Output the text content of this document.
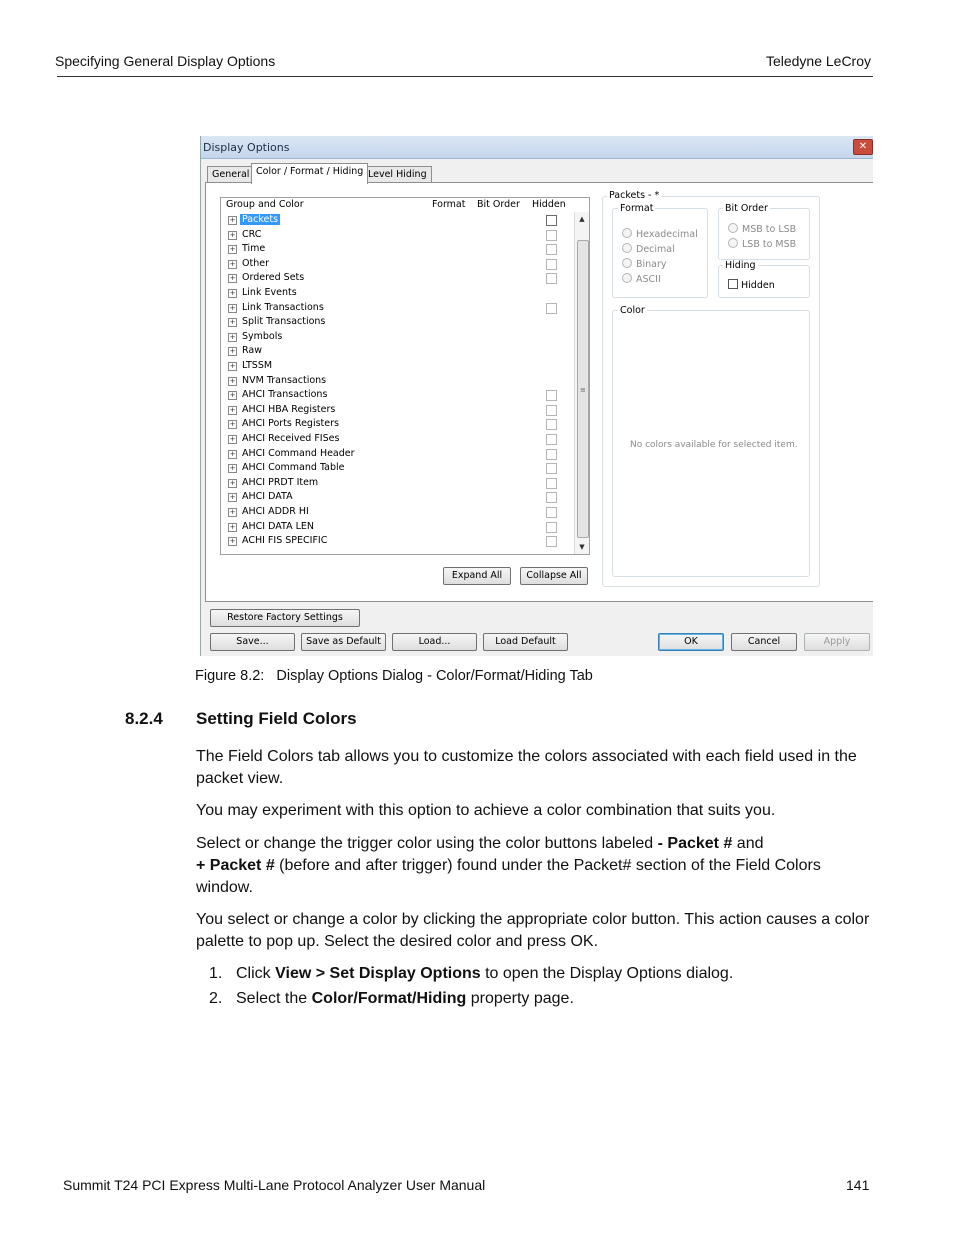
Specifying General Display Options	Teledyne LeCroy
Display Options	✕
General Color / Format / Hiding Level Hiding
Group and Color	Format Bit Order Hidden
+ Packets
+ CRC
+ Time
+ Other
+ Ordered Sets
+ Link Events
+ Link Transactions
+ Split Transactions
+ Symbols
+ Raw
+ LTSSM
+ NVM Transactions
+ AHCI Transactions
+ AHCI HBA Registers
+ AHCI Ports Registers
+ AHCI Received FISes
+ AHCI Command Header
+ AHCI Command Table
+ AHCI PRDT Item
+ AHCI DATA
+ AHCI ADDR HI
+ AHCI DATA LEN
+ ACHI FIS SPECIFIC
▲
≡
▼
Expand All	Collapse All
Packets - *
Format
Hexadecimal
Decimal
Binary
ASCII
Bit Order
MSB to LSB
LSB to MSB
Hiding
Hidden
Color
No colors available for selected item.
Restore Factory Settings
Save...	Save as Default	Load...	Load Default	OK	Cancel	Apply
Figure 8.2:   Display Options Dialog - Color/Format/Hiding Tab
8.2.4 Setting Field Colors
The Field Colors tab allows you to customize the colors associated with each field used in the packet view.
You may experiment with this option to achieve a color combination that suits you.
Select or change the trigger color using the color buttons labeled - Packet # and
+ Packet # (before and after trigger) found under the Packet# section of the Field Colors window.
You select or change a color by clicking the appropriate color button. This action causes a color palette to pop up. Select the desired color and press OK.
1. Click View > Set Display Options to open the Display Options dialog.
2. Select the Color/Format/Hiding property page.
Summit T24 PCI Express Multi-Lane Protocol Analyzer User Manual	141
